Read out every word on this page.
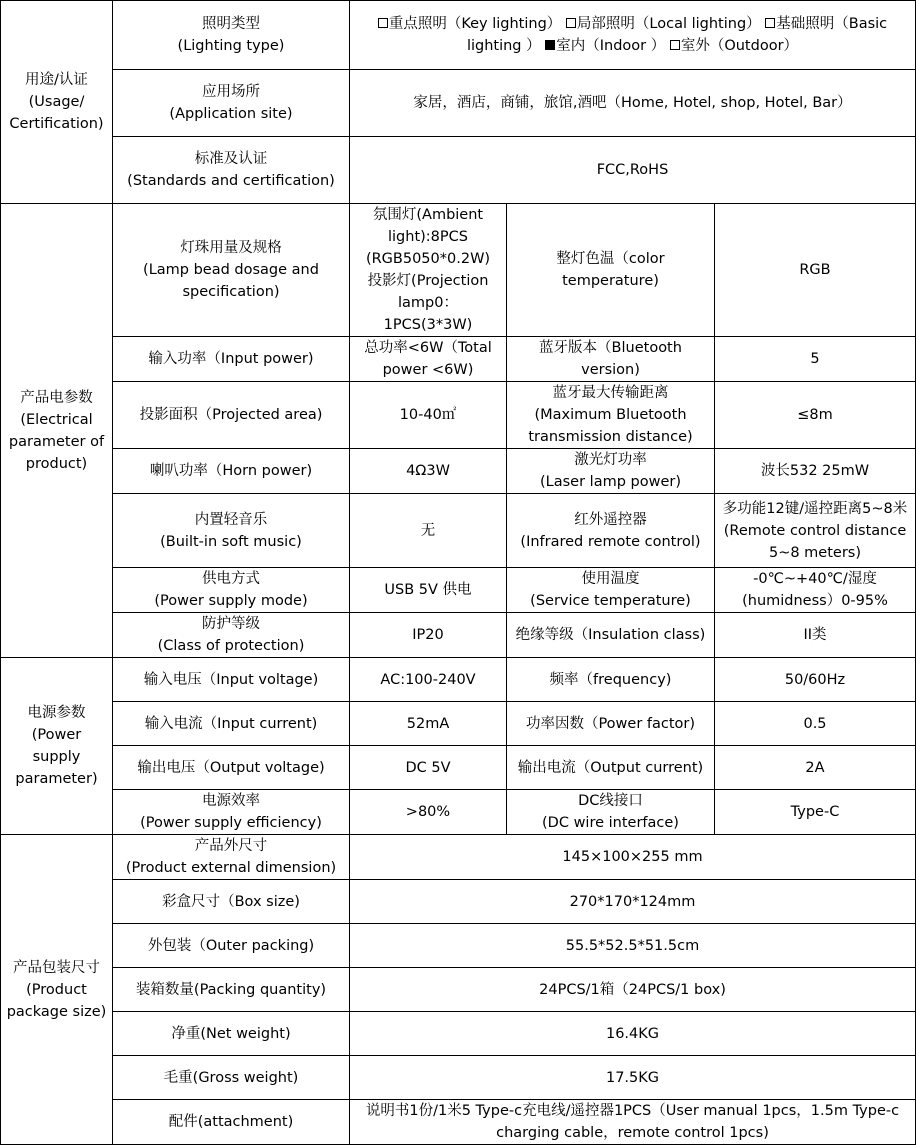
用途/认证
(Usage/
Certification)	照明类型
(Lighting type)	重点照明（Key lighting） 局部照明（Local lighting） 基础照明（Basic lighting ） 室内（Indoor ） 室外（Outdoor）		
	应用场所
(Application site)	家居，酒店，商铺，旅馆,酒吧（Home, Hotel, shop, Hotel, Bar）		
	标准及认证
(Standards and certification)	FCC,RoHS		
产品电参数
(Electrical
parameter of
product)	灯珠用量及规格
(Lamp bead dosage and
specification)	氛围灯(Ambient
light):8PCS
(RGB5050*0.2W)
投影灯(Projection
lamp0：1PCS(3*3W)	整灯色温（color
temperature)	RGB
	输入功率（Input power)	总功率<6W（Total
power <6W)	蓝牙版本（Bluetooth
version)	5
	投影面积（Projected area)	10-40㎡	蓝牙最大传输距离
(Maximum Bluetooth
transmission distance)	≤8m
	喇叭功率（Horn power)	4Ω3W	激光灯功率
(Laser lamp power)	波长532 25mW
	内置轻音乐
(Built-in soft music)	无	红外遥控器
(Infrared remote control)	多功能12键/遥控距离5~8米
(Remote control distance
5~8 meters)
	供电方式
(Power supply mode)	USB 5V 供电	使用温度
(Service temperature)	-0℃~+40℃/湿度
(humidness）0-95%
	防护等级
(Class of protection)	IP20	绝缘等级（Insulation class)	II类
电源参数
(Power
supply
parameter)	输入电压（Input voltage)	AC:100-240V	频率（frequency)	50/60Hz
	输入电流（Input current)	52mA	功率因数（Power factor)	0.5
	输出电压（Output voltage)	DC 5V	输出电流（Output current)	2A
	电源效率
(Power supply efficiency)	>80%	DC线接口
(DC wire interface)	Type-C
产品包装尺寸
(Product
package size)	产品外尺寸
(Product external dimension)	145×100×255 mm		
	彩盒尺寸（Box size)	270*170*124mm		
	外包装（Outer packing)	55.5*52.5*51.5cm		
	装箱数量(Packing quantity)	24PCS/1箱（24PCS/1 box)		
	净重(Net weight)	16.4KG		
	毛重(Gross weight)	17.5KG		
	配件(attachment)	说明书1份/1米5 Type-c充电线/遥控器1PCS（User manual 1pcs，1.5m Type-c
charging cable，remote control 1pcs)		
